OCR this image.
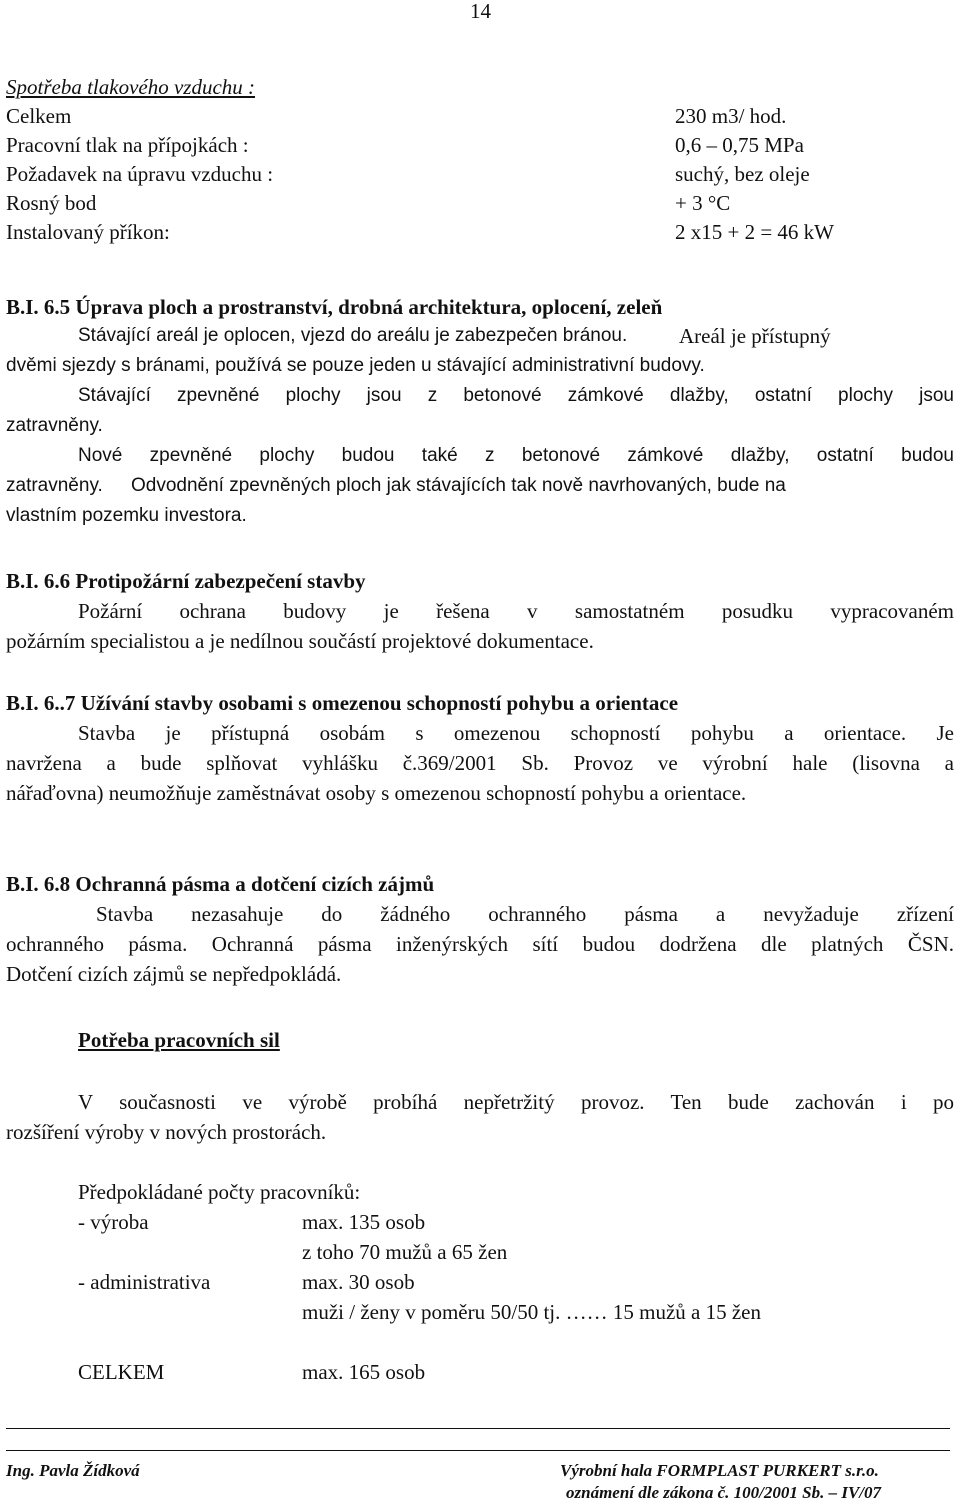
14
Spotřeba tlakového vzduchu :
Celkem	230 m3/ hod.
Pracovní tlak na přípojkách :	0,6 – 0,75 MPa
Požadavek na úpravu vzduchu :	suchý, bez oleje
Rosný bod	+ 3 °C
Instalovaný příkon:	2 x15 + 2 = 46 kW
B.I. 6.5 Úprava ploch a prostranství, drobná architektura, oplocení, zeleň
Stávající areál je oplocen, vjezd do areálu je zabezpečen bránou. Areál je přístupný
dvěmi sjezdy s bránami, používá se pouze jeden u stávající administrativní budovy.
Stávající zpevněné plochy jsou z betonové zámkové dlažby, ostatní plochy jsou
zatravněny.
Nové zpevněné plochy budou také z betonové zámkové dlažby, ostatní budou
zatravněny. Odvodnění zpevněných ploch jak stávajících tak nově navrhovaných, bude na
vlastním pozemku investora.
B.I. 6.6 Protipožární zabezpečení stavby
Požární ochrana budovy je řešena v samostatném posudku vypracovaném
požárním specialistou a je nedílnou součástí projektové dokumentace.
B.I. 6..7 Užívání stavby osobami s omezenou schopností pohybu a orientace
Stavba je přístupná osobám s omezenou schopností pohybu a orientace. Je
navržena a bude splňovat vyhlášku č.369/2001 Sb. Provoz ve výrobní hale (lisovna a
nářaďovna) neumožňuje zaměstnávat osoby s omezenou schopností pohybu a orientace.
B.I. 6.8 Ochranná pásma a dotčení cizích zájmů
Stavba nezasahuje do žádného ochranného pásma a nevyžaduje zřízení
ochranného pásma. Ochranná pásma inženýrských sítí budou dodržena dle platných ČSN.
Dotčení cizích zájmů se nepředpokládá.
Potřeba pracovních sil
V současnosti ve výrobě probíhá nepřetržitý provoz. Ten bude zachován i po
rozšíření výroby v nových prostorách.
Předpokládané počty pracovníků:
- výroba	max. 135 osob
z toho 70 mužů a 65 žen
- administrativa	max. 30 osob
muži / ženy v poměru 50/50 tj. …… 15 mužů a 15 žen
CELKEM	max. 165 osob
Ing. Pavla Žídková	Výrobní hala FORMPLAST PURKERT s.r.o.
oznámení dle zákona č. 100/2001 Sb. – IV/07
